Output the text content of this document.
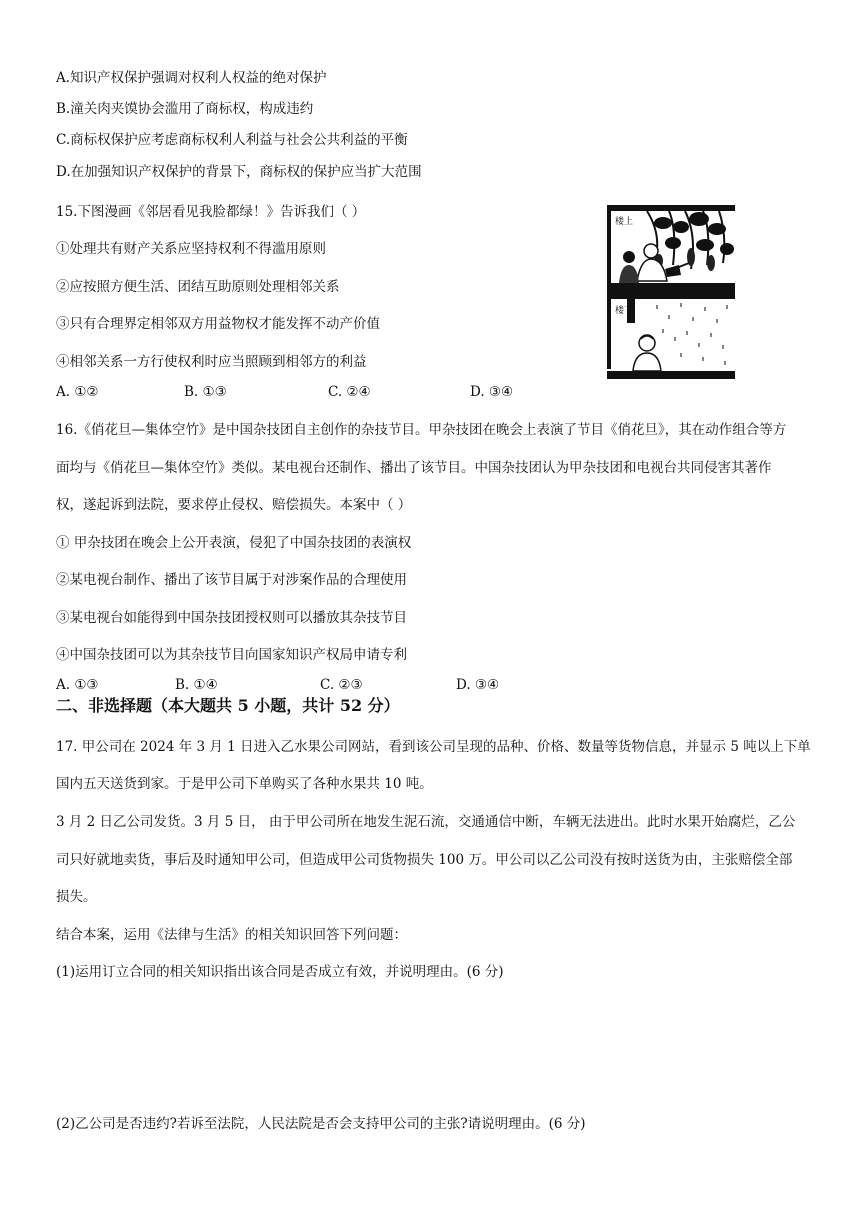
A.知识产权保护强调对权利人权益的绝对保护
B.潼关肉夹馍协会滥用了商标权，构成违约
C.商标权保护应考虑商标权利人利益与社会公共利益的平衡
D.在加强知识产权保护的背景下，商标权的保护应当扩大范围
15.下图漫画《邻居看见我脸都绿！》告诉我们（ ）
①处理共有财产关系应坚持权利不得滥用原则
②应按照方便生活、团结互助原则处理相邻关系
③只有合理界定相邻双方用益物权才能发挥不动产价值
④相邻关系一方行使权利时应当照顾到相邻方的利益
A. ①②	B. ①③	C. ②④	D. ③④
楼上
楼下
16.《俏花旦—集体空竹》是中国杂技团自主创作的杂技节目。甲杂技团在晚会上表演了节目《俏花旦》，其在动作组合等方
面均与《俏花旦—集体空竹》类似。某电视台还制作、播出了该节目。中国杂技团认为甲杂技团和电视台共同侵害其著作
权，遂起诉到法院，要求停止侵权、赔偿损失。本案中（ ）
① 甲杂技团在晚会上公开表演，侵犯了中国杂技团的表演权
②某电视台制作、播出了该节目属于对涉案作品的合理使用
③某电视台如能得到中国杂技团授权则可以播放其杂技节目
④中国杂技团可以为其杂技节目向国家知识产权局申请专利
A. ①③	B. ①④	C. ②③	D. ③④
二、非选择题（本大题共 5 小题，共计 52 分）
17. 甲公司在 2024 年 3 月 1 日进入乙水果公司网站，看到该公司呈现的品种、价格、数量等货物信息，并显示 5 吨以上下单
国内五天送货到家。于是甲公司下单购买了各种水果共 10 吨。
3 月 2 日乙公司发货。3 月 5 日， 由于甲公司所在地发生泥石流，交通通信中断，车辆无法进出。此时水果开始腐烂，乙公
司只好就地卖货，事后及时通知甲公司，但造成甲公司货物损失 100 万。甲公司以乙公司没有按时送货为由，主张赔偿全部
损失。
结合本案，运用《法律与生活》的相关知识回答下列问题：
(1)运用订立合同的相关知识指出该合同是否成立有效，并说明理由。(6 分)
(2)乙公司是否违约?若诉至法院，人民法院是否会支持甲公司的主张?请说明理由。(6 分)
